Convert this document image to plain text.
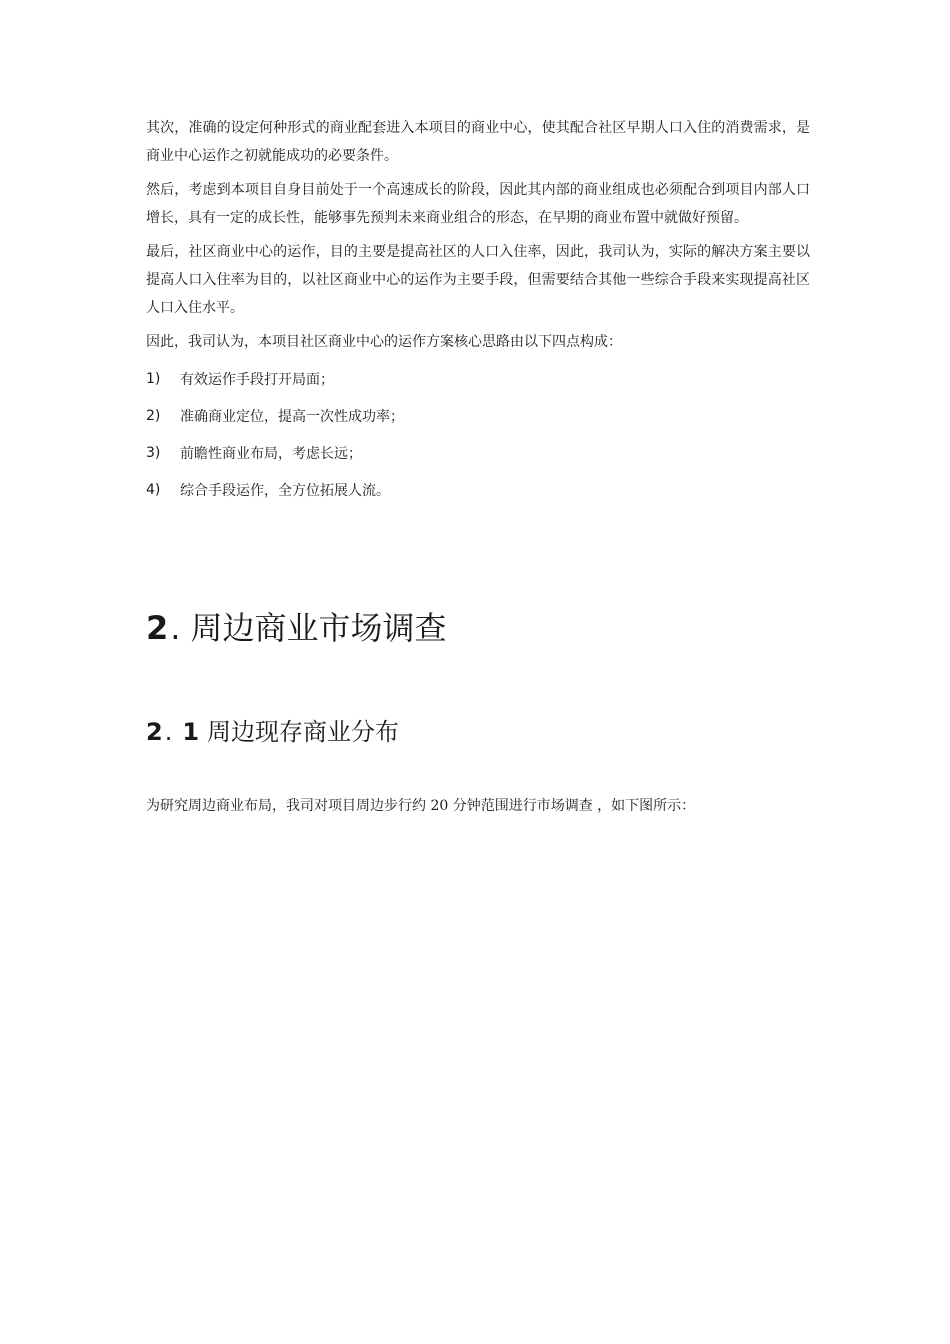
其次，准确的设定何种形式的商业配套进入本项目的商业中心，使其配合社区早期人口入住的消费需求，是商业中心运作之初就能成功的必要条件。

然后，考虑到本项目自身目前处于一个高速成长的阶段，因此其内部的商业组成也必须配合到项目内部人口增长，具有一定的成长性，能够事先预判未来商业组合的形态，在早期的商业布置中就做好预留。

最后，社区商业中心的运作，目的主要是提高社区的人口入住率，因此，我司认为，实际的解决方案主要以提高人口入住率为目的，以社区商业中心的运作为主要手段，但需要结合其他一些综合手段来实现提高社区人口入住水平。

因此，我司认为，本项目社区商业中心的运作方案核心思路由以下四点构成：

1)	有效运作手段打开局面；
2)	准确商业定位，提高一次性成功率；
3)	前瞻性商业布局，考虑长远；
4)	综合手段运作，全方位拓展人流。
2 . 周边商业市场调查
2 . 1 周边现存商业分布

为研究周边商业布局，我司对项目周边步行约 20 分钟范围进行市场调查 ，如下图所示：
